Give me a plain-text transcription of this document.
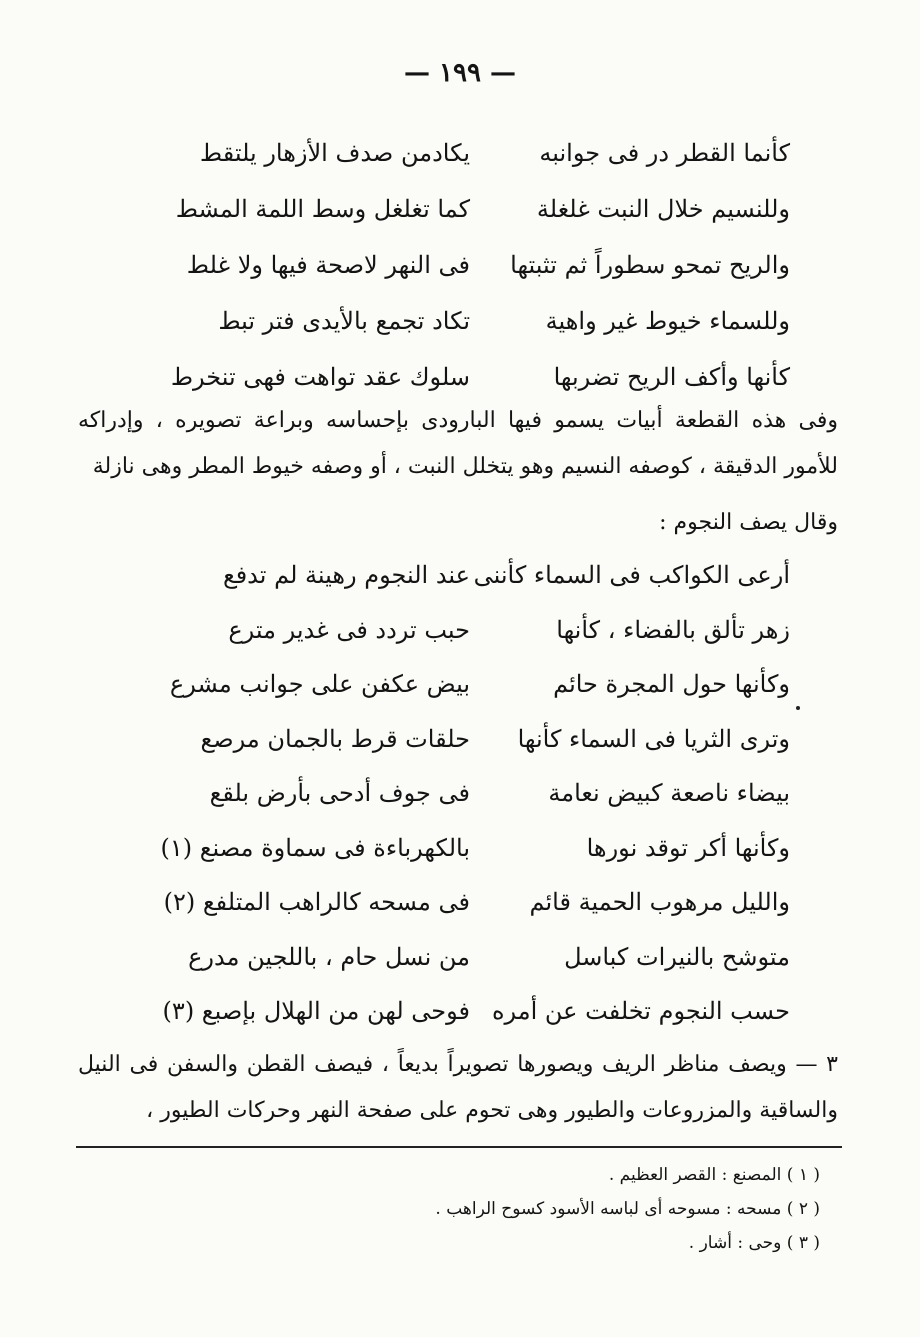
— ١٩٩ —
كأنما القطر در فى جوانبه
يكادمن صدف الأزهار يلتقط
وللنسيم خلال النبت غلغلة
كما تغلغل وسط اللمة المشط
والريح تمحو سطوراً ثم تثبتها
فى النهر لاصحة فيها ولا غلط
وللسماء خيوط غير واهية
تكاد تجمع بالأيدى فتر تبط
كأنها وأكف الريح تضربها
سلوك عقد تواهت فهى تنخرط
وفى هذه القطعة أبيات يسمو فيها البارودى بإحساسه وبراعة تصويره ، وإدراكه للأمور الدقيقة ، كوصفه النسيم وهو يتخلل النبت ، أو وصفه خيوط المطر وهى نازلة
وقال يصف النجوم :
أرعى الكواكب فى السماء كأننى
عند النجوم رهينة لم تدفع
زهر تألق بالفضاء ، كأنها
حبب تردد فى غدير مترع
وكأنها حول المجرة حائم
بيض عكفن على جوانب مشرع
وترى الثريا فى السماء كأنها
حلقات قرط بالجمان مرصع
بيضاء ناصعة كبيض نعامة
فى جوف أدحى بأرض بلقع
وكأنها أكر توقد نورها
بالكهرباءة فى سماوة مصنع (١)
والليل مرهوب الحمية قائم
فى مسحه كالراهب المتلفع (٢)
متوشح بالنيرات كباسل
من نسل حام ، باللجين مدرع
حسب النجوم تخلفت عن أمره
فوحى لهن من الهلال بإصبع (٣)
٣ — ويصف مناظر الريف ويصورها تصويراً بديعاً ، فيصف القطن والسفن فى النيل والساقية والمزروعات والطيور وهى تحوم على صفحة النهر وحركات الطيور ،
( ١ ) المصنع : القصر العظيم .
( ٢ ) مسحه : مسوحه أى لباسه الأسود كسوح الراهب .
( ٣ ) وحى : أشار .
